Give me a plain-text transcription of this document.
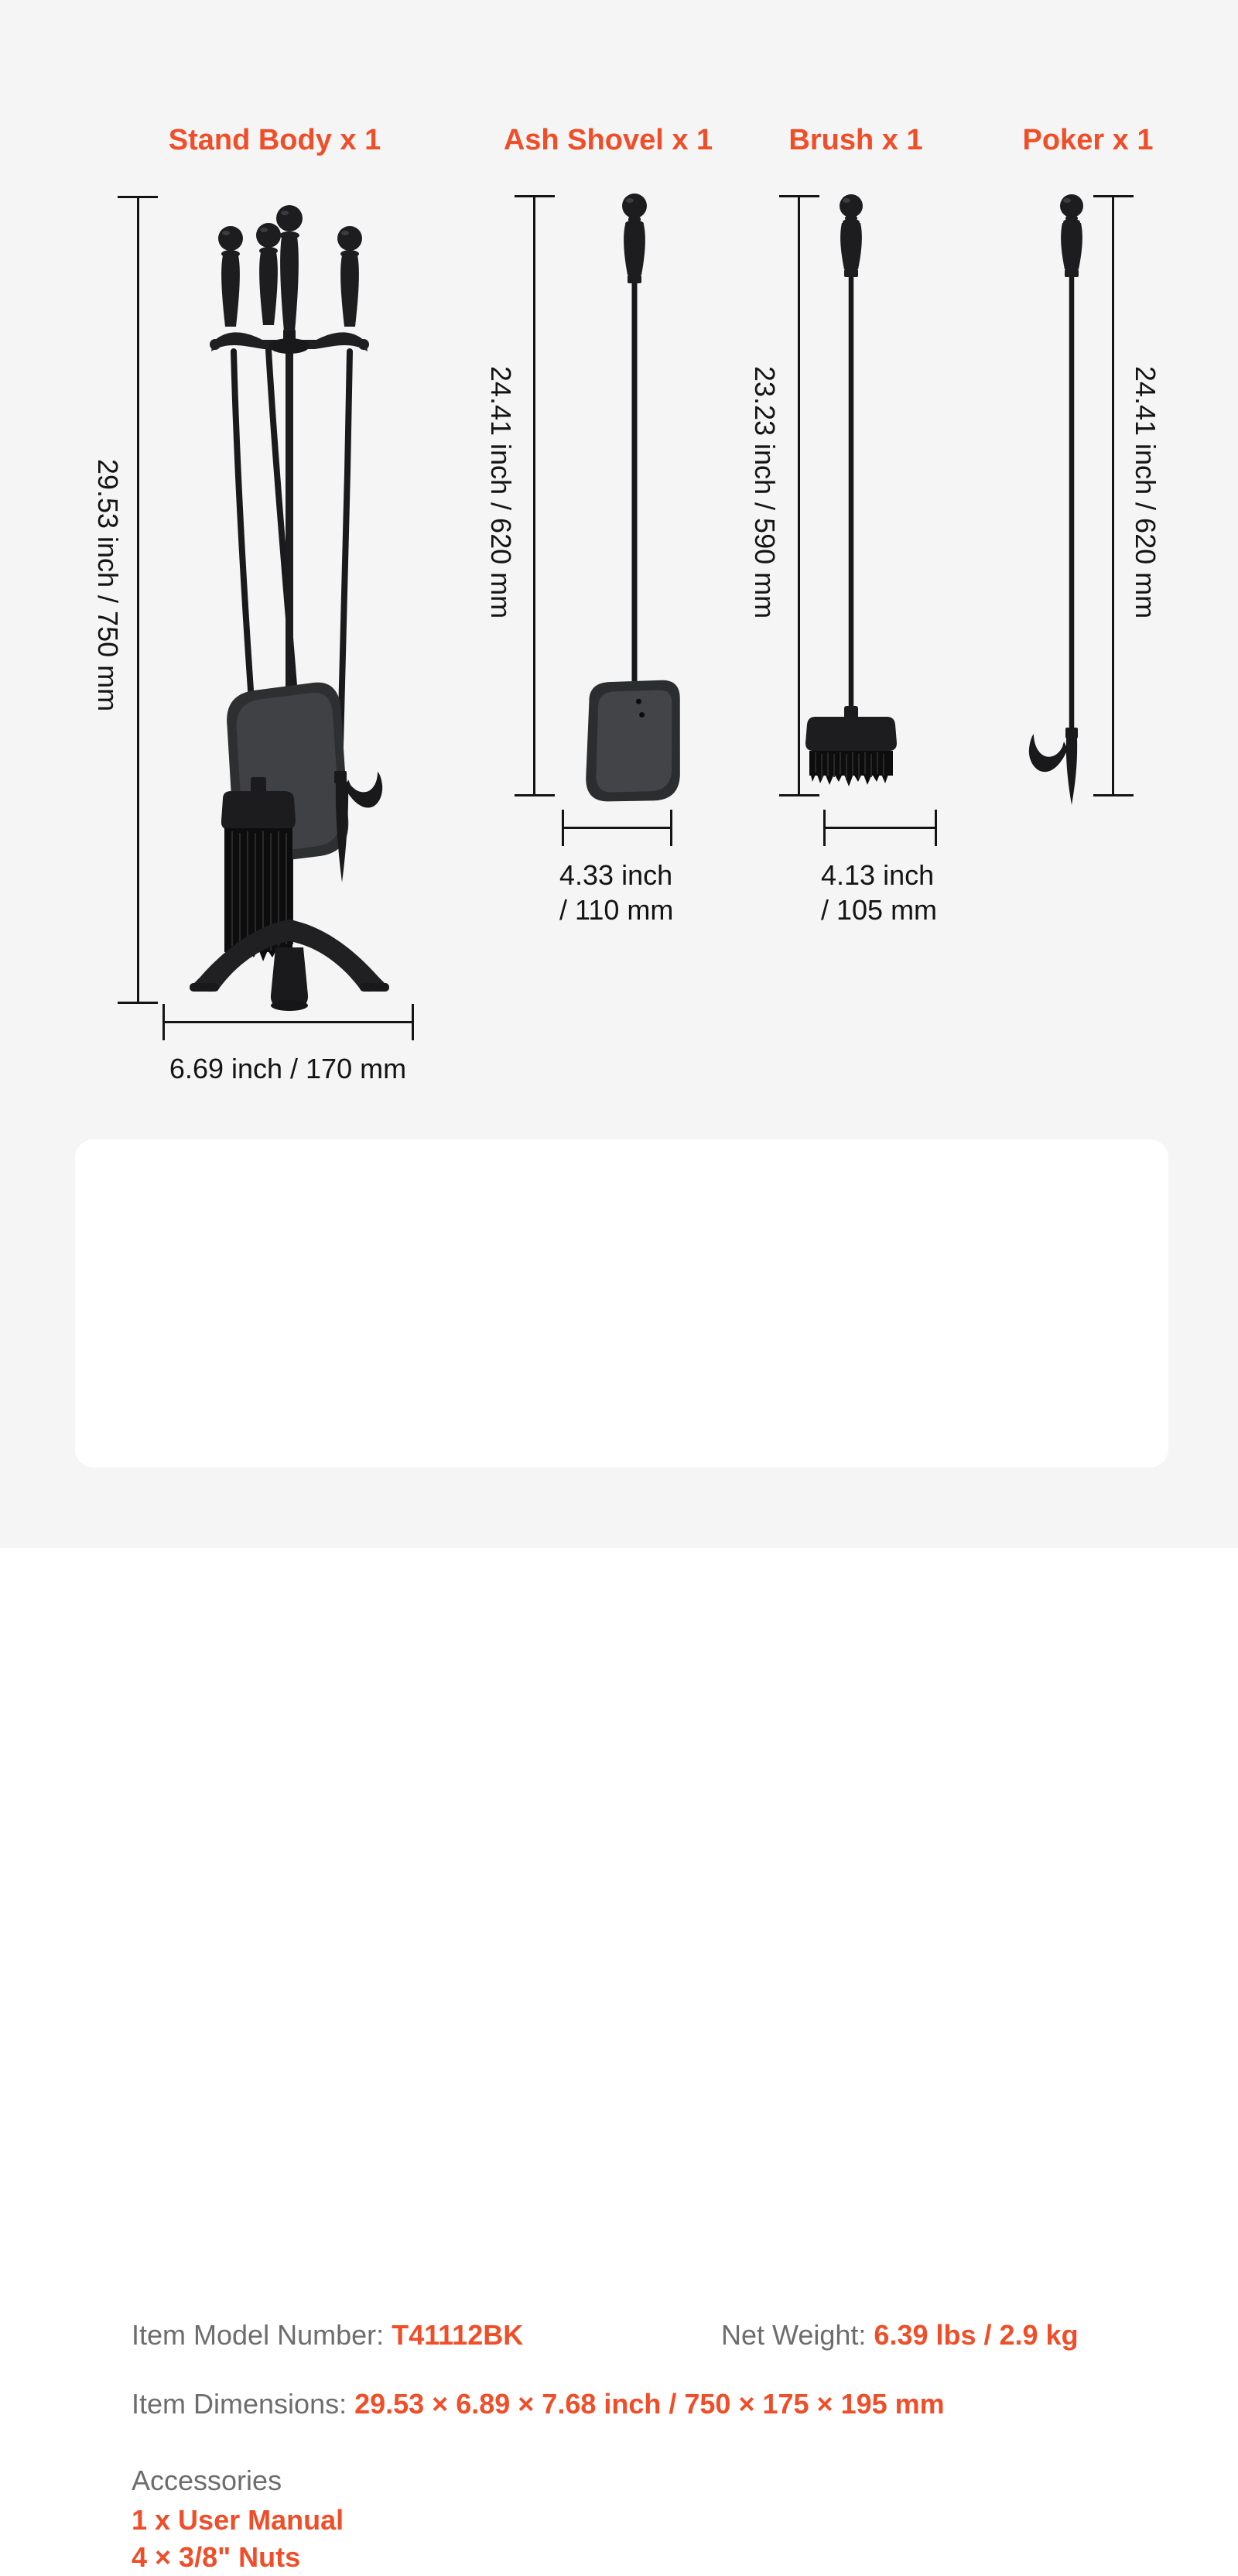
Stand Body x 1	Ash Shovel x 1	Brush x 1	Poker x 1
29.53 inch / 750 mm
6.69 inch / 170 mm
24.41 inch / 620 mm
4.33 inch
/ 110 mm
23.23 inch / 590 mm
4.13 inch
/ 105 mm
24.41 inch / 620 mm
Item Model Number: T41112BK	Net Weight: 6.39 lbs / 2.9 kg
Item Dimensions: 29.53 × 6.89 × 7.68 inch / 750 × 175 × 195 mm
Accessories
1 x User Manual
4 × 3/8" Nuts
